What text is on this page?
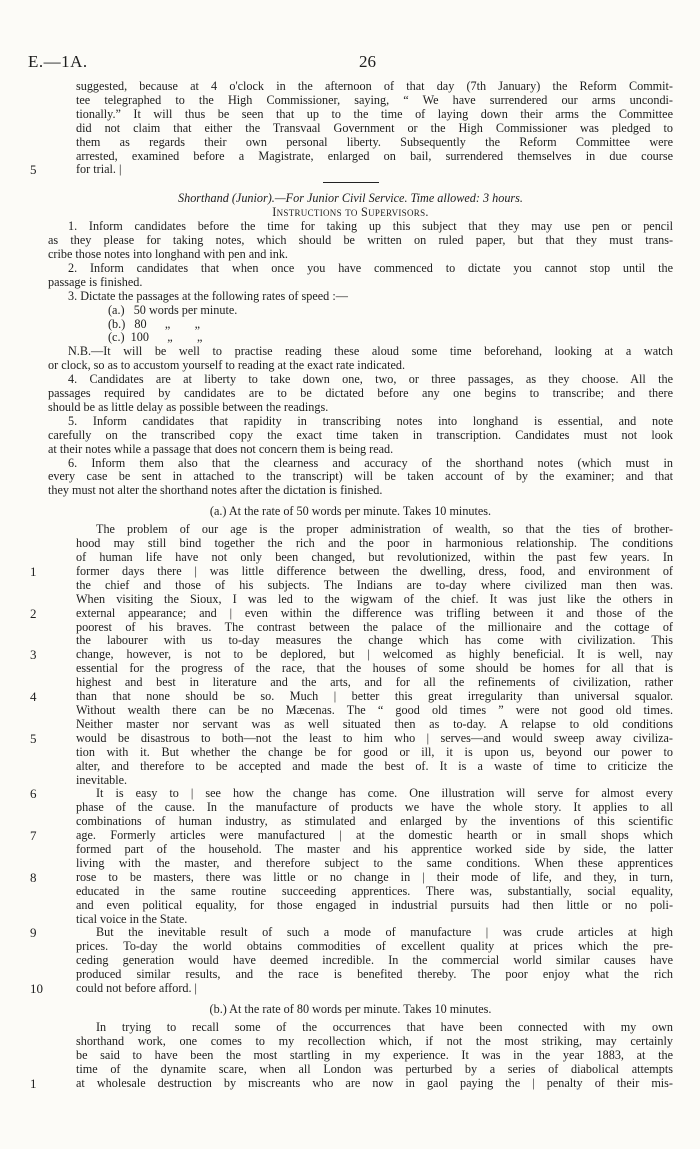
E.—1A.	26
suggested, because at 4 o'clock in the afternoon of that day (7th January) the Reform Commit-
tee telegraphed to the High Commissioner, saying, “ We have surrendered our arms uncondi-
tionally.” It will thus be seen that up to the time of laying down their arms the Committee
did not claim that either the Transvaal Government or the High Commissioner was pledged to
them as regards their own personal liberty. Subsequently the Reform Committee were
arrested, examined before a Magistrate, enlarged on bail, surrendered themselves in due course
5	for trial. |
Shorthand (Junior).—For Junior Civil Service. Time allowed: 3 hours.
Instructions to Supervisors.
1. Inform candidates before the time for taking up this subject that they may use pen or pencil
as they please for taking notes, which should be written on ruled paper, but that they must trans-
cribe those notes into longhand with pen and ink.
2. Inform candidates that when once you have commenced to dictate you cannot stop until the
passage is finished.
3. Dictate the passages at the following rates of speed :—
(a.)   50 words per minute.
(b.)   80      „        „
(c.)  100      „        „
N.B.—It will be well to practise reading these aloud some time beforehand, looking at a watch
or clock, so as to accustom yourself to reading at the exact rate indicated.
4. Candidates are at liberty to take down one, two, or three passages, as they choose. All the
passages required by candidates are to be dictated before any one begins to transcribe; and there
should be as little delay as possible between the readings.
5. Inform candidates that rapidity in transcribing notes into longhand is essential, and note
carefully on the transcribed copy the exact time taken in transcription. Candidates must not look
at their notes while a passage that does not concern them is being read.
6. Inform them also that the clearness and accuracy of the shorthand notes (which must in
every case be sent in attached to the transcript) will be taken account of by the examiner; and that
they must not alter the shorthand notes after the dictation is finished.
(a.) At the rate of 50 words per minute. Takes 10 minutes.
The problem of our age is the proper administration of wealth, so that the ties of brother-
hood may still bind together the rich and the poor in harmonious relationship. The conditions
of human life have not only been changed, but revolutionized, within the past few years. In
1	former days there | was little difference between the dwelling, dress, food, and environment of
the chief and those of his subjects. The Indians are to-day where civilized man then was.
When visiting the Sioux, I was led to the wigwam of the chief. It was just like the others in
2	external appearance; and | even within the difference was trifling between it and those of the
poorest of his braves. The contrast between the palace of the millionaire and the cottage of
the labourer with us to-day measures the change which has come with civilization. This
3	change, however, is not to be deplored, but | welcomed as highly beneficial. It is well, nay
essential for the progress of the race, that the houses of some should be homes for all that is
highest and best in literature and the arts, and for all the refinements of civilization, rather
4	than that none should be so. Much | better this great irregularity than universal squalor.
Without wealth there can be no Mæcenas. The “ good old times ” were not good old times.
Neither master nor servant was as well situated then as to-day. A relapse to old conditions
5	would be disastrous to both—not the least to him who | serves—and would sweep away civiliza-
tion with it. But whether the change be for good or ill, it is upon us, beyond our power to
alter, and therefore to be accepted and made the best of. It is a waste of time to criticize the
inevitable.
6	It is easy to | see how the change has come. One illustration will serve for almost every
phase of the cause. In the manufacture of products we have the whole story. It applies to all
combinations of human industry, as stimulated and enlarged by the inventions of this scientific
7	age. Formerly articles were manufactured | at the domestic hearth or in small shops which
formed part of the household. The master and his apprentice worked side by side, the latter
living with the master, and therefore subject to the same conditions. When these apprentices
8	rose to be masters, there was little or no change in | their mode of life, and they, in turn,
educated in the same routine succeeding apprentices. There was, substantially, social equality,
and even political equality, for those engaged in industrial pursuits had then little or no poli-
tical voice in the State.
9	But the inevitable result of such a mode of manufacture | was crude articles at high
prices. To-day the world obtains commodities of excellent quality at prices which the pre-
ceding generation would have deemed incredible. In the commercial world similar causes have
produced similar results, and the race is benefited thereby. The poor enjoy what the rich
10	could not before afford. |
(b.) At the rate of 80 words per minute. Takes 10 minutes.
In trying to recall some of the occurrences that have been connected with my own
shorthand work, one comes to my recollection which, if not the most striking, may certainly
be said to have been the most startling in my experience. It was in the year 1883, at the
time of the dynamite scare, when all London was perturbed by a series of diabolical attempts
1	at wholesale destruction by miscreants who are now in gaol paying the | penalty of their mis-
